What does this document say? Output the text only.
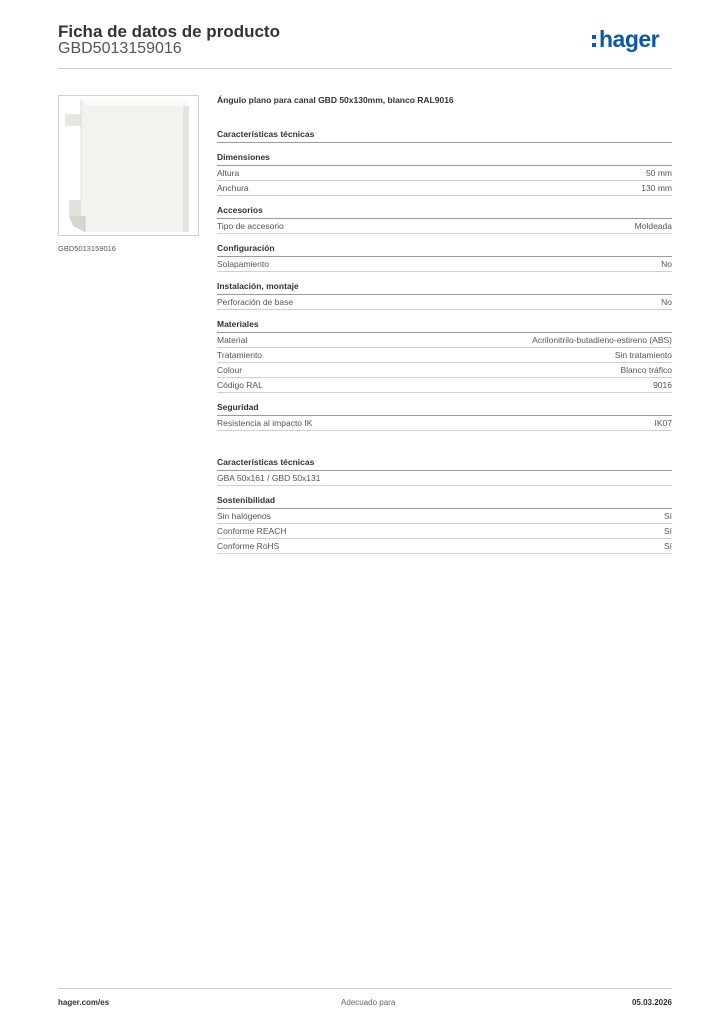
Ficha de datos de producto
GBD5013159016	hager
GBD5013159016
Ángulo plano para canal GBD 50x130mm, blanco RAL9016
Características técnicas
Dimensiones
Altura	50 mm
Anchura	130 mm
Accesorios
Tipo de accesorio	Moldeada
Configuración
Solapamiento	No
Instalación, montaje
Perforación de base	No
Materiales
Material	Acrilonitrilo-butadieno-estireno (ABS)
Tratamiento	Sin tratamiento
Colour	Blanco tráfico
Código RAL	9016
Seguridad
Resistencia al impacto IK	IK07
Características técnicas
GBA 50x161 / GBD 50x131
Sostenibilidad
Sin halógenos	Sí
Conforme REACH	Sí
Conforme RoHS	Sí
hager.com/es	Adecuado para	05.03.2026
